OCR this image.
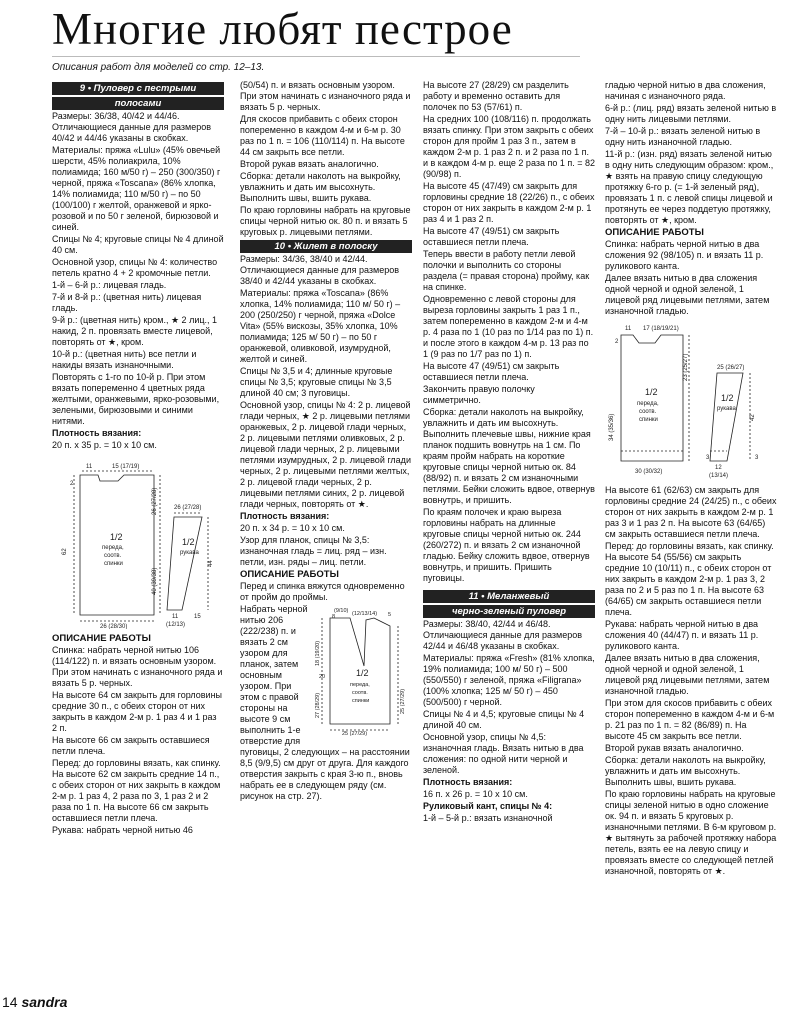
Многие любят пестрое
Описания работ для моделей со стр. 12–13.
9 • Пуловер с пестрыми
полосами

Размеры: 36/38, 40/42 и 44/46. Отличающиеся данные для размеров 40/42 и 44/46 указаны в скобках.

Материалы: пряжа «Lulu» (45% овечьей шерсти, 45% полиакрила, 10% полиамида; 160 м/50 г) – 250 (300/350) г черной, пряжа «Toscana» (86% хлопка, 14% полиамида; 110 м/50 г) – по 50 (100/100) г желтой, оранжевой и ярко-розовой и по 50 г зеленой, бирюзовой и синей.

Спицы № 4; круговые спицы № 4 длиной 40 см.

Основной узор, спицы № 4: количество петель кратно 4 + 2 кромочные петли.

1-й – 6-й р.: лицевая гладь.

7-й и 8-й р.: (цветная нить) лицевая гладь.

9-й р.: (цветная нить) кром., ★ 2 лиц., 1 накид, 2 п. провязать вместе лицевой, повторять от ★, кром.

10-й р.: (цветная нить) все петли и накиды вязать изнаночными.

Повторять с 1-го по 10-й р. При этом вязать попеременно 4 цветных ряда желтыми, оранжевыми, ярко-розовыми, зелеными, бирюзовыми и синими нитями.

Плотность вязания:

20 п. x 35 р. = 10 x 10 см.

11	15 (17/19)
2
26 (27/28)
40 (39/38)
62
1/2
переда,
соотв.
спинки
26 (28/30)
26 (27/28)
1/2
рукава
44
11
(12/13)
15

ОПИСАНИЕ РАБОТЫ

Спинка: набрать черной нитью 106 (114/122) п. и вязать основным узором. При этом начинать с изнаночного ряда и вязать 5 р. черных.

На высоте 64 см закрыть для горловины средние 30 п., с обеих сторон от них закрыть в каждом 2-м р. 1 раз 4 и 1 раз 2 п.

На высоте 66 см закрыть оставшиеся петли плеча.

Перед: до горловины вязать, как спинку. На высоте 62 см закрыть средние 14 п., с обеих сторон от них закрыть в каждом 2-м р. 1 раз 4, 2 раза по 3, 1 раз 2 и 2 раза по 1 п. На высоте 66 см закрыть оставшиеся петли плеча.

Рукава: набрать черной нитью 46

(50/54) п. и вязать основным узором. При этом начинать с изнаночного ряда и вязать 5 р. черных.

Для скосов прибавить с обеих сторон попеременно в каждом 4-м и 6-м р. 30 раз по 1 п. = 106 (110/114) п. На высоте 44 см закрыть все петли.

Второй рукав вязать аналогично.

Сборка: детали наколоть на выкройку, увлажнить и дать им высохнуть. Выполнить швы, вшить рукава.

По краю горловины набрать на круговые спицы черной нитью ок. 80 п. и вязать 5 круговых р. лицевыми петлями.

10 • Жилет в полоску

Размеры: 34/36, 38/40 и 42/44. Отличающиеся данные для размеров 38/40 и 42/44 указаны в скобках.

Материалы: пряжа «Toscana» (86% хлопка, 14% полиамида; 110 м/ 50 г) – 200 (250/250) г черной, пряжа «Dolce Vita» (55% вискозы, 35% хлопка, 10% полиамида; 125 м/ 50 г) – по 50 г оранжевой, оливковой, изумрудной, желтой и синей.

Спицы № 3,5 и 4; длинные круговые спицы № 3,5; круговые спицы № 3,5 длиной 40 см; 3 пуговицы.

Основной узор, спицы № 4: 2 р. лицевой глади черных, ★ 2 р. лицевыми петлями оранжевых, 2 р. лицевой глади черных, 2 р. лицевыми петлями оливковых, 2 р. лицевой глади черных, 2 р. лицевыми петлями изумрудных, 2 р. лицевой глади черных, 2 р. лицевыми петлями желтых, 2 р. лицевой глади черных, 2 р. лицевыми петлями синих, 2 р. лицевой глади черных, повторять от ★.

Плотность вязания:

20 п. x 34 р. = 10 x 10 см.

Узор для планок, спицы № 3,5: изнаночная гладь = лиц. ряд – изн. петли, изн. ряды – лиц. петли.

ОПИСАНИЕ РАБОТЫ

Перед и спинка вяжутся одновременно от пройм до проймы.

(9/10)
8	(12/13/14) 5
18 (19/20)
20
27 (28/29)
1/2
переда,
соотв.
спинки
25 (27/29)
25 (27/29)

Набрать черной нитью 206 (222/238) п. и вязать 2 см узором для планок, затем основным узором. При этом с правой стороны на высоте 9 см выполнить 1-е отверстие для пуговицы, 2 следующих – на расстоянии 8,5 (9/9,5) см друг от друга. Для каждого отверстия закрыть с края 3-ю п., вновь набрать ее в следующем ряду (см. рисунок на стр. 27).

На высоте 27 (28/29) см разделить работу и временно оставить для полочек по 53 (57/61) п.

На средних 100 (108/116) п. продолжать вязать спинку. При этом закрыть с обеих сторон для пройм 1 раз 3 п., затем в каждом 2-м р. 1 раз 2 п. и 2 раза по 1 п. и в каждом 4-м р. еще 2 раза по 1 п. = 82 (90/98) п.

На высоте 45 (47/49) см закрыть для горловины средние 18 (22/26) п., с обеих сторон от них закрыть в каждом 2-м р. 1 раз 4 и 1 раз 2 п.

На высоте 47 (49/51) см закрыть оставшиеся петли плеча.

Теперь ввести в работу петли левой полочки и выполнить со стороны разделa (= правая сторона) пройму, как на спинке.

Одновременно с левой стороны для выреза горловины закрыть 1 раз 1 п., затем попеременно в каждом 2-м и 4-м р. 4 раза по 1 (10 раз по 1/14 раз по 1) п. и после этого в каждом 4-м р. 13 раз по 1 (9 раз по 1/7 раз по 1) п.

На высоте 47 (49/51) см закрыть оставшиеся петли плеча.

Закончить правую полочку симметрично.

Сборка: детали наколоть на выкройку, увлажнить и дать им высохнуть. Выполнить плечевые швы, нижние края планок подшить вовнутрь на 1 см. По краям пройм набрать на короткие круговые спицы черной нитью ок. 84 (88/92) п. и вязать 2 см изнаночными петлями. Бейки сложить вдвое, отвернув вовнутрь, и пришить.

По краям полочек и краю выреза горловины набрать на длинные круговые спицы черной нитью ок. 244 (260/272) п. и вязать 2 см изнаночной гладью. Бейку сложить вдвое, отвернув вовнутрь, и пришить. Пришить пуговицы.

11 • Меланжевый
черно-зеленый пуловер

Размеры: 38/40, 42/44 и 46/48. Отличающиеся данные для размеров 42/44 и 46/48 указаны в скобках.

Материалы: пряжа «Fresh» (81% хлопка, 19% полиамида; 100 м/ 50 г) – 500 (550/550) г зеленой, пряжа «Filigrana» (100% хлопка; 125 м/ 50 г) – 450 (500/500) г черной.

Спицы № 4 и 4,5; круговые спицы № 4 длиной 40 см.

Основной узор, спицы № 4,5: изнаночная гладь. Вязать нитью в два сложения: по одной нити черной и зеленой.

Плотность вязания:

16 п. x 26 р. = 10 x 10 см.

Руликовый кант, спицы № 4:

1-й – 5-й р.: вязать изнаночной

гладью черной нитью в два сложения, начиная с изнаночного ряда.

6-й р.: (лиц. ряд) вязать зеленой нитью в одну нить лицевыми петлями.

7-й – 10-й р.: вязать зеленой нитью в одну нить изнаночной гладью.

11-й р.: (изн. ряд) вязать зеленой нитью в одну нить следующим образом: кром., ★ взять на правую спицу следующую протяжку 6-го р. (= 1-й зеленый ряд), провязать 1 п. с левой спицы лицевой и протянуть ее через поддетую протяжку, повторять от ★, кром.

ОПИСАНИЕ РАБОТЫ

Спинка: набрать черной нитью в два сложения 92 (98/105) п. и вязать 11 р. руликового канта.

Далее вязать нитью в два сложения одной черной и одной зеленой, 1 лицевой ряд лицевыми петлями, затем изнаночной гладью.

11 17 (18/19/21)
2
23 (25/27)
34 (35/36)
1/2
переда,
соотв.
спинки
30 (30/32)
25 (26/27)
1/2
рукава
42
3
12
(13/14)
3

На высоте 61 (62/63) см закрыть для горловины средние 24 (24/25) п., с обеих сторон от них закрыть в каждом 2-м р. 1 раз 3 и 1 раз 2 п. На высоте 63 (64/65) см закрыть оставшиеся петли плеча.

Перед: до горловины вязать, как спинку. На высоте 54 (55/56) см закрыть средние 10 (10/11) п., с обеих сторон от них закрыть в каждом 2-м р. 1 раз 3, 2 раза по 2 и 5 раз по 1 п. На высоте 63 (64/65) см закрыть оставшиеся петли плеча.

Рукава: набрать черной нитью в два сложения 40 (44/47) п. и вязать 11 р. руликового канта.

Далее вязать нитью в два сложения, одной черной и одной зеленой, 1 лицевой ряд лицевыми петлями, затем изнаночной гладью.

При этом для скосов прибавить с обеих сторон попеременно в каждом 4-м и 6-м р. 21 раз по 1 п. = 82 (86/89) п. На высоте 45 см закрыть все петли.

Второй рукав вязать аналогично.

Сборка: детали наколоть на выкройку, увлажнить и дать им высохнуть. Выполнить швы, вшить рукава.

По краю горловины набрать на круговые спицы зеленой нитью в одно сложение ок. 94 п. и вязать 5 круговых р. изнаночными петлями. В 6-м круговом р. ★ вытянуть за рабочей протяжку набора петель, взять ее на левую спицу и провязать вместе со следующей петлей изнаночной, повторять от ★.

14 sandra
